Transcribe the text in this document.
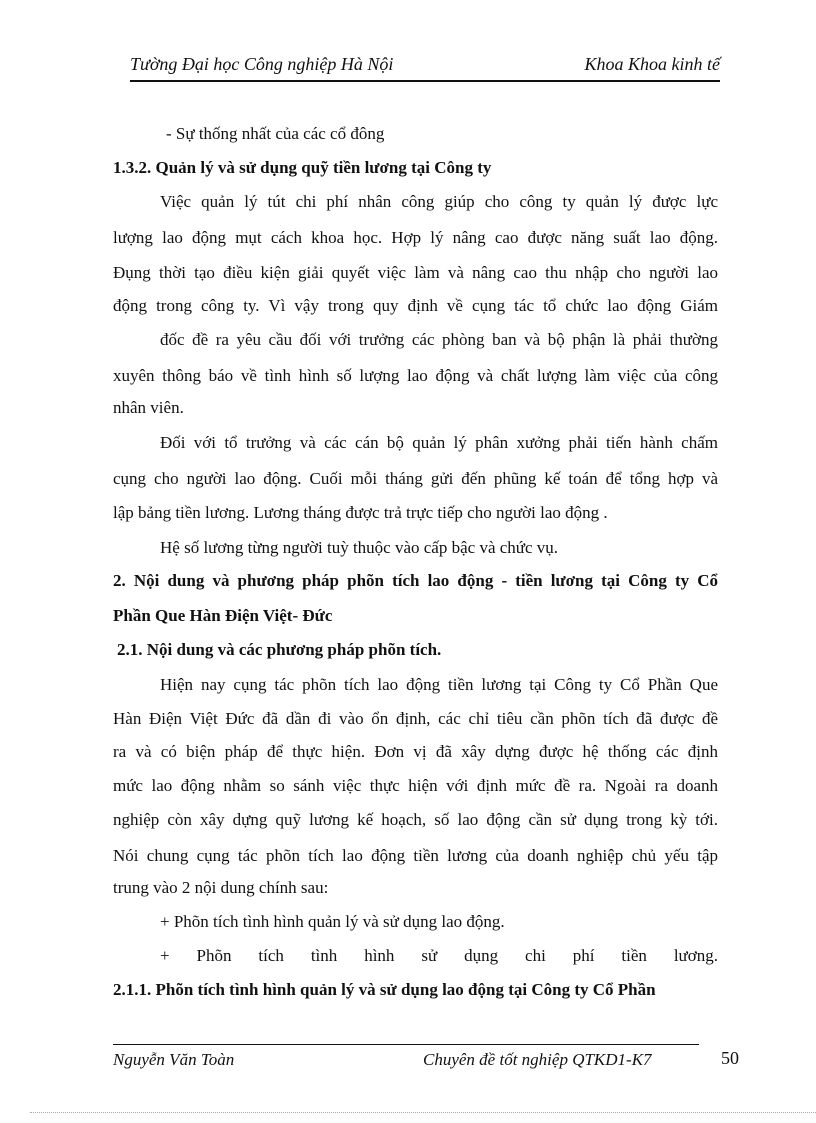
Tường Đại học Công nghiệp Hà Nội	Khoa Khoa kinh tế
- Sự thống nhất của các cổ đông
1.3.2. Quản lý và sử dụng quỹ tiền lương tại Công ty
Việc quản lý tút chi phí nhân công giúp cho công ty quản lý được lực
lượng lao động mụt cách khoa học. Hợp lý nâng cao được năng suất lao động.
Đụng thời tạo điều kiện giải quyết việc làm và nâng cao thu nhập cho người lao
động trong công ty. Vì vậy trong quy định về cụng tác tổ chức lao động Giám
đốc đề ra yêu cầu đối với trưởng các phòng ban và bộ phận là phải thường
xuyên thông báo về tình hình số lượng lao động và chất lượng làm việc của công
nhân viên.
Đối với tổ trưởng và các cán bộ quản lý phân xưởng phải tiến hành chấm
cụng cho người lao động. Cuối mỗi tháng gửi đến phũng kế toán để tổng hợp và
lập bảng tiền lương. Lương tháng được trả trực tiếp cho người lao động .
Hệ số lương từng người tuỳ thuộc vào cấp bậc và chức vụ.
2. Nội dung và phương pháp phõn tích lao động - tiền lương tại Công ty Cổ
Phần Que Hàn Điện Việt- Đức
2.1. Nội dung và các phương pháp phõn tích.
Hiện nay cụng tác phõn tích lao động tiền lương tại Công ty Cổ Phần Que
Hàn Điện Việt Đức đã dần đi vào ổn định, các chỉ tiêu cần phõn tích đã được đề
ra và có biện pháp để thực hiện. Đơn vị đã xây dựng được hệ thống các định
mức lao động nhằm so sánh việc thực hiện với định mức đề ra. Ngoài ra doanh
nghiệp còn xây dựng quỹ lương kế hoạch, số lao động cần sử dụng trong kỳ tới.
Nói chung cụng tác phõn tích lao động tiền lương của doanh nghiệp chủ yếu tập
trung vào 2 nội dung chính sau:
+ Phõn tích tình hình quản lý và sử dụng lao động.
+ Phõn tích tình hình sử dụng chi phí tiền lương.
2.1.1. Phõn tích tình hình quản lý và sử dụng lao động tại Công ty Cổ Phần
Nguyễn Văn Toàn	Chuyên đề tốt nghiệp QTKD1-K7	50
